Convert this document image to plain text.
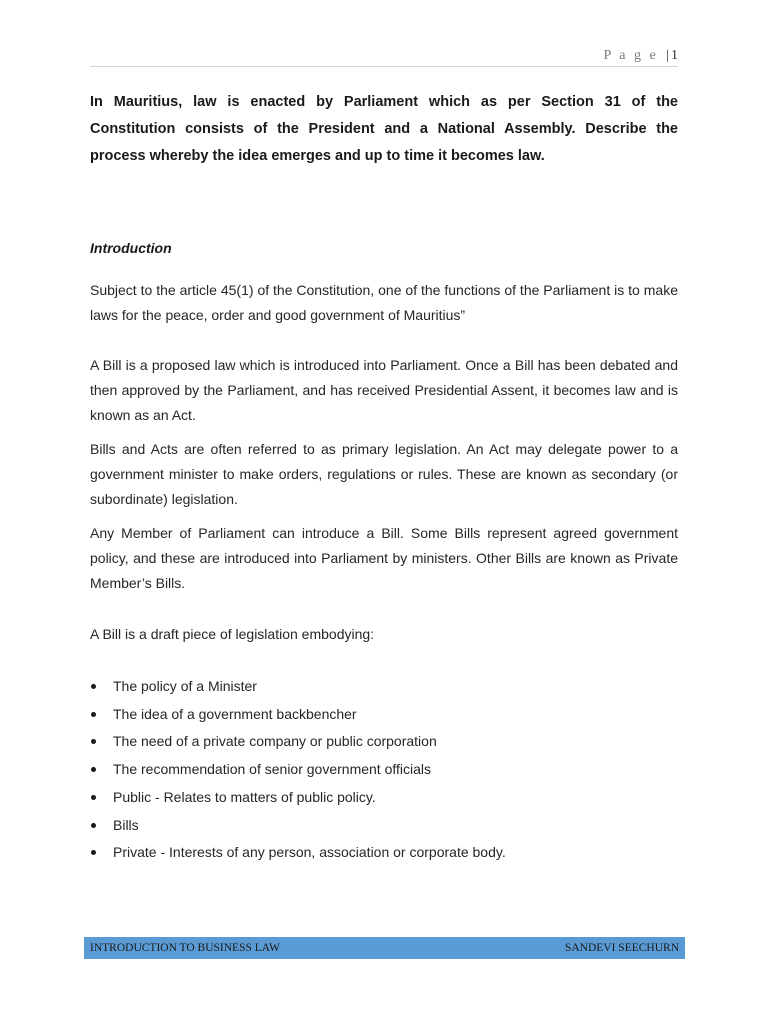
P a g e | 1

In Mauritius, law is enacted by Parliament which as per Section 31 of the Constitution consists of the President and a National Assembly. Describe the process whereby the idea emerges and up to time it becomes law.

Introduction

Subject to the article 45(1) of the Constitution, one of the functions of the Parliament is to make laws for the peace, order and good government of Mauritius”

A Bill is a proposed law which is introduced into Parliament. Once a Bill has been debated and then approved by the Parliament, and has received Presidential Assent, it becomes law and is known as an Act.

Bills and Acts are often referred to as primary legislation. An Act may delegate power to a government minister to make orders, regulations or rules. These are known as secondary (or subordinate) legislation.

Any Member of Parliament can introduce a Bill. Some Bills represent agreed government policy, and these are introduced into Parliament by ministers. Other Bills are known as Private Member’s Bills.

A Bill is a draft piece of legislation embodying:

The policy of a Minister
The idea of a government backbencher
The need of a private company or public corporation
The recommendation of senior government officials
Public - Relates to matters of public policy.
Bills
Private - Interests of any person, association or corporate body.
INTRODUCTION TO BUSINESS LAW	SANDEVI SEECHURN
